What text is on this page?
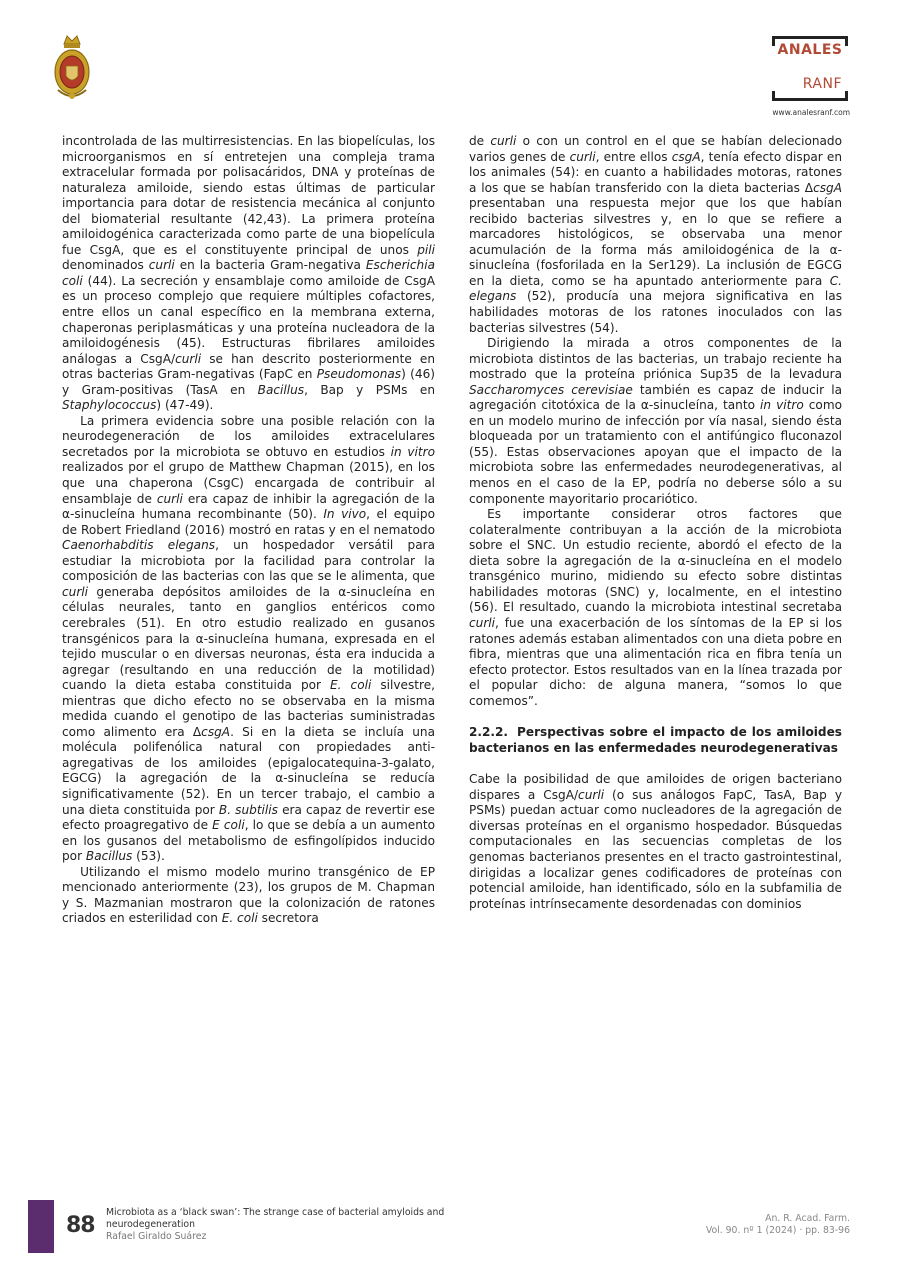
ANALES
RANF
www.analesranf.com

incontrolada de las multirresistencias. En las biopelículas, los microorganismos en sí entretejen una compleja trama extracelular formada por polisacáridos, DNA y proteínas de naturaleza amiloide, siendo estas últimas de particular importancia para dotar de resistencia mecánica al conjunto del biomaterial resultante (42,43). La primera proteína amiloidogénica caracterizada como parte de una biopelícula fue CsgA, que es el constituyente principal de unos pili denominados curli en la bacteria Gram-negativa Escherichia coli (44). La secreción y ensamblaje como amiloide de CsgA es un proceso complejo que requiere múltiples cofactores, entre ellos un canal específico en la membrana externa, chaperonas periplasmáticas y una proteína nucleadora de la amiloidogénesis (45). Estructuras fibrilares amiloides análogas a CsgA/curli se han descrito posteriormente en otras bacterias Gram-negativas (FapC en Pseudomonas) (46) y Gram-positivas (TasA en Bacillus, Bap y PSMs en Staphylococcus) (47-49).

La primera evidencia sobre una posible relación con la neurodegeneración de los amiloides extracelulares secretados por la microbiota se obtuvo en estudios in vitro realizados por el grupo de Matthew Chapman (2015), en los que una chaperona (CsgC) encargada de contribuir al ensamblaje de curli era capaz de inhibir la agregación de la α-sinucleína humana recombinante (50). In vivo, el equipo de Robert Friedland (2016) mostró en ratas y en el nematodo Caenorhabditis elegans, un hospedador versátil para estudiar la microbiota por la facilidad para controlar la composición de las bacterias con las que se le alimenta, que curli generaba depósitos amiloides de la α-sinucleína en células neurales, tanto en ganglios entéricos como cerebrales (51). En otro estudio realizado en gusanos transgénicos para la α-sinucleína humana, expresada en el tejido muscular o en diversas neuronas, ésta era inducida a agregar (resultando en una reducción de la motilidad) cuando la dieta estaba constituida por E. coli silvestre, mientras que dicho efecto no se observaba en la misma medida cuando el genotipo de las bacterias suministradas como alimento era ΔcsgA. Si en la dieta se incluía una molécula polifenólica natural con propiedades anti-agregativas de los amiloides (epigalocatequina-3-galato, EGCG) la agregación de la α-sinucleína se reducía significativamente (52). En un tercer trabajo, el cambio a una dieta constituida por B. subtilis era capaz de revertir ese efecto proagregativo de E coli, lo que se debía a un aumento en los gusanos del metabolismo de esfingolípidos inducido por Bacillus (53).

Utilizando el mismo modelo murino transgénico de EP mencionado anteriormente (23), los grupos de M. Chapman y S. Mazmanian mostraron que la colonización de ratones criados en esterilidad con E. coli secretora

de curli o con un control en el que se habían delecionado varios genes de curli, entre ellos csgA, tenía efecto dispar en los animales (54): en cuanto a habilidades motoras, ratones a los que se habían transferido con la dieta bacterias ΔcsgA presentaban una respuesta mejor que los que habían recibido bacterias silvestres y, en lo que se refiere a marcadores histológicos, se observaba una menor acumulación de la forma más amiloidogénica de la α-sinucleína (fosforilada en la Ser129). La inclusión de EGCG en la dieta, como se ha apuntado anteriormente para C. elegans (52), producía una mejora significativa en las habilidades motoras de los ratones inoculados con las bacterias silvestres (54).

Dirigiendo la mirada a otros componentes de la microbiota distintos de las bacterias, un trabajo reciente ha mostrado que la proteína priónica Sup35 de la levadura Saccharomyces cerevisiae también es capaz de inducir la agregación citotóxica de la α-sinucleína, tanto in vitro como en un modelo murino de infección por vía nasal, siendo ésta bloqueada por un tratamiento con el antifúngico fluconazol (55). Estas observaciones apoyan que el impacto de la microbiota sobre las enfermedades neurodegenerativas, al menos en el caso de la EP, podría no deberse sólo a su componente mayoritario procariótico.

Es importante considerar otros factores que colateralmente contribuyan a la acción de la microbiota sobre el SNC. Un estudio reciente, abordó el efecto de la dieta sobre la agregación de la α-sinucleína en el modelo transgénico murino, midiendo su efecto sobre distintas habilidades motoras (SNC) y, localmente, en el intestino (56). El resultado, cuando la microbiota intestinal secretaba curli, fue una exacerbación de los síntomas de la EP si los ratones además estaban alimentados con una dieta pobre en fibra, mientras que una alimentación rica en fibra tenía un efecto protector. Estos resultados van en la línea trazada por el popular dicho: de alguna manera, “somos lo que comemos”.

2.2.2. Perspectivas sobre el impacto de los amiloides bacterianos en las enfermedades neurodegenerativas

Cabe la posibilidad de que amiloides de origen bacteriano dispares a CsgA/curli (o sus análogos FapC, TasA, Bap y PSMs) puedan actuar como nucleadores de la agregación de diversas proteínas en el organismo hospedador. Búsquedas computacionales en las secuencias completas de los genomas bacterianos presentes en el tracto gastrointestinal, dirigidas a localizar genes codificadores de proteínas con potencial amiloide, han identificado, sólo en la subfamilia de proteínas intrínsecamente desordenadas con dominios

88
Microbiota as a ‘black swan’: The strange case of bacterial amyloids and neurodegeneration
Rafael Giraldo Suárez
An. R. Acad. Farm.
Vol. 90. nº 1 (2024) · pp. 83-96
